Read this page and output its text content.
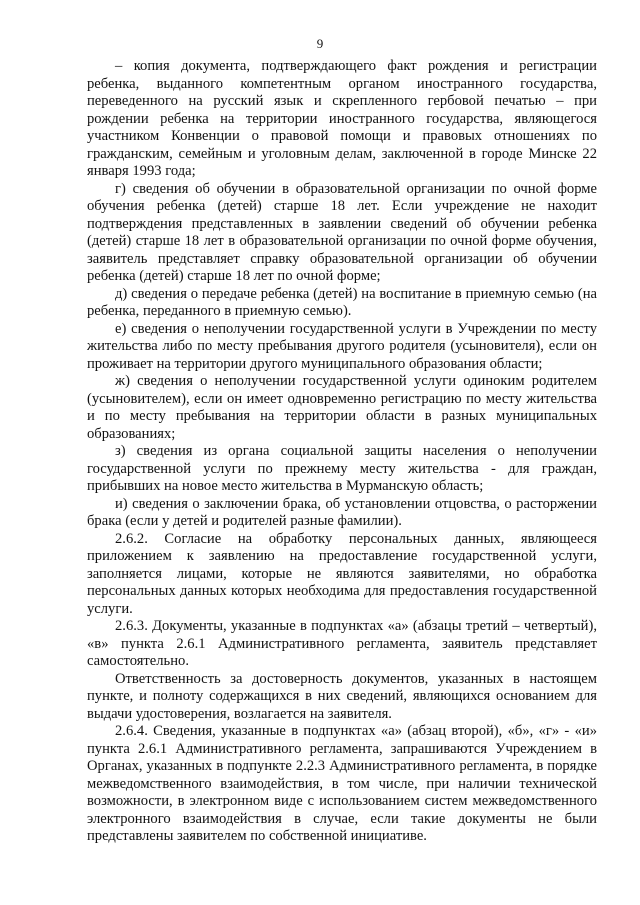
9

– копия документа, подтверждающего факт рождения и регистрации ребенка, выданного компетентным органом иностранного государства, переведенного на русский язык и скрепленного гербовой печатью – при рождении ребенка на территории иностранного государства, являющегося участником Конвенции о правовой помощи и правовых отношениях по гражданским, семейным и уголовным делам, заключенной в городе Минске 22 января 1993 года;

г) сведения об обучении в образовательной организации по очной форме обучения ребенка (детей) старше 18 лет. Если учреждение не находит подтверждения представленных в заявлении сведений об обучении ребенка (детей) старше 18 лет в образовательной организации по очной форме обучения, заявитель представляет справку образовательной организации об обучении ребенка (детей) старше 18 лет по очной форме;

д) сведения о передаче ребенка (детей) на воспитание в приемную семью (на ребенка, переданного в приемную семью).

е) сведения о неполучении государственной услуги в Учреждении по месту жительства либо по месту пребывания другого родителя (усыновителя), если он проживает на территории другого муниципального образования области;

ж) сведения о неполучении государственной услуги одиноким родителем (усыновителем), если он имеет одновременно регистрацию по месту жительства и по месту пребывания на территории области в разных муниципальных образованиях;

з) сведения из органа социальной защиты населения о неполучении государственной услуги по прежнему месту жительства - для граждан, прибывших на новое место жительства в Мурманскую область;

и) сведения о заключении брака, об установлении отцовства, о расторжении брака (если у детей и родителей разные фамилии).

2.6.2. Согласие на обработку персональных данных, являющееся приложением к заявлению на предоставление государственной услуги, заполняется лицами, которые не являются заявителями, но обработка персональных данных которых необходима для предоставления государственной услуги.

2.6.3. Документы, указанные в подпунктах «а» (абзацы третий – четвертый), «в» пункта 2.6.1 Административного регламента, заявитель представляет самостоятельно.

Ответственность за достоверность документов, указанных в настоящем пункте, и полноту содержащихся в них сведений, являющихся основанием для выдачи удостоверения, возлагается на заявителя.

2.6.4. Сведения, указанные в подпунктах «а» (абзац второй), «б», «г» - «и» пункта 2.6.1 Административного регламента, запрашиваются Учреждением в Органах, указанных в подпункте 2.2.3 Административного регламента, в порядке межведомственного взаимодействия, в том числе, при наличии технической возможности, в электронном виде с использованием систем межведомственного электронного взаимодействия в случае, если такие документы не были представлены заявителем по собственной инициативе.
